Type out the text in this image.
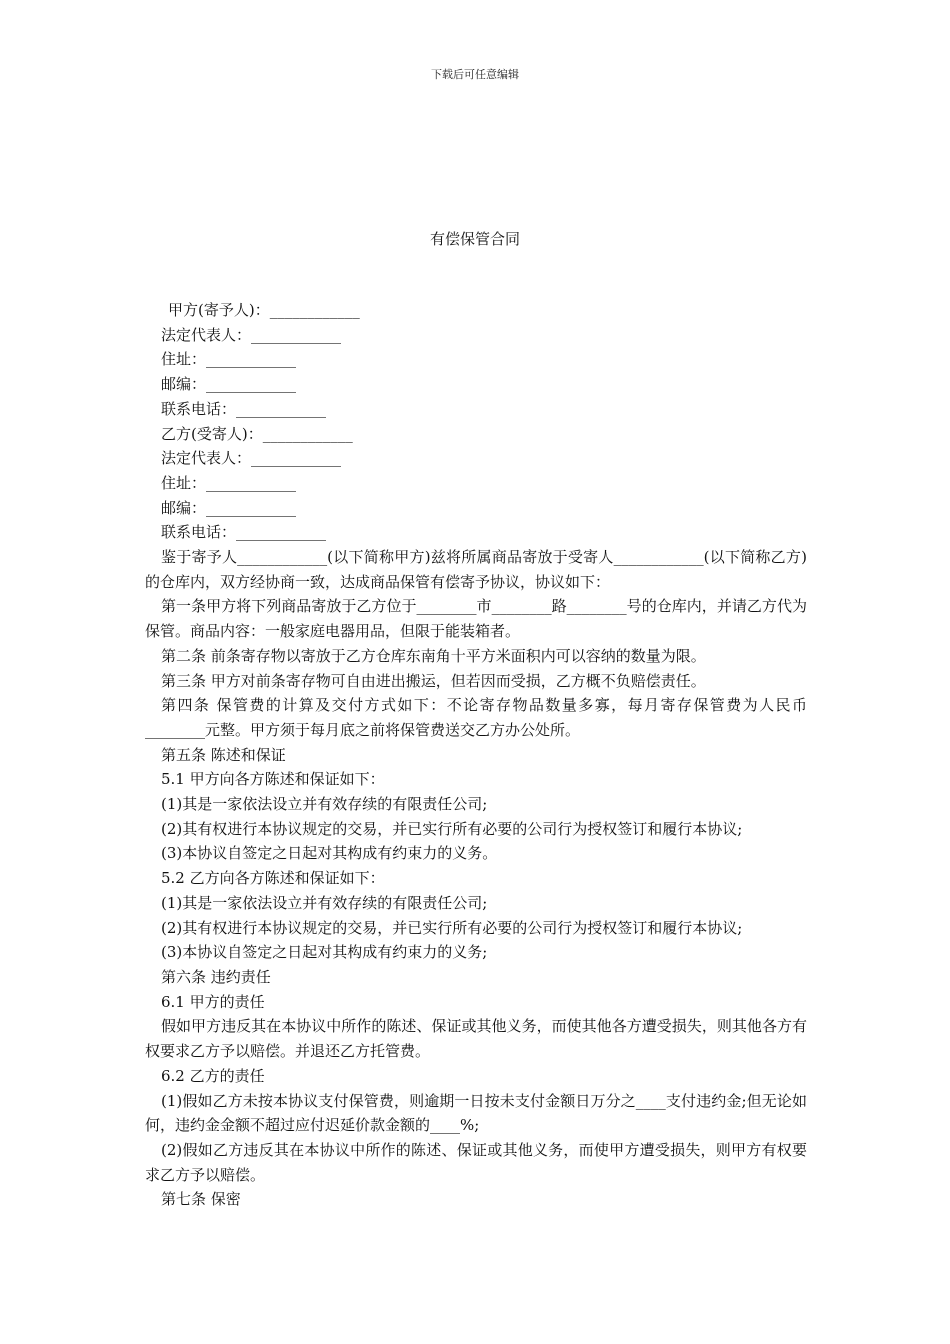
下载后可任意编辑
有偿保管合同

甲方(寄予人)：____________

法定代表人：____________

住址：____________

邮编：____________

联系电话：____________

乙方(受寄人)：____________

法定代表人：____________

住址：____________

邮编：____________

联系电话：____________

鉴于寄予人____________(以下简称甲方)兹将所属商品寄放于受寄人____________(以下简称乙方)的仓库内，双方经协商一致，达成商品保管有偿寄予协议，协议如下：

第一条甲方将下列商品寄放于乙方位于________市________路________号的仓库内，并请乙方代为保管。商品内容：一般家庭电器用品，但限于能装箱者。

第二条 前条寄存物以寄放于乙方仓库东南角十平方米面积内可以容纳的数量为限。

第三条 甲方对前条寄存物可自由进出搬运，但若因而受损，乙方概不负赔偿责任。

第四条 保管费的计算及交付方式如下：不论寄存物品数量多寡，每月寄存保管费为人民币________元整。甲方须于每月底之前将保管费送交乙方办公处所。

第五条 陈述和保证

5.1 甲方向各方陈述和保证如下：

(1)其是一家依法设立并有效存续的有限责任公司;

(2)其有权进行本协议规定的交易，并已实行所有必要的公司行为授权签订和履行本协议;

(3)本协议自签定之日起对其构成有约束力的义务。

5.2 乙方向各方陈述和保证如下：

(1)其是一家依法设立并有效存续的有限责任公司;

(2)其有权进行本协议规定的交易，并已实行所有必要的公司行为授权签订和履行本协议;

(3)本协议自签定之日起对其构成有约束力的义务;

第六条 违约责任

6.1 甲方的责任

假如甲方违反其在本协议中所作的陈述、保证或其他义务，而使其他各方遭受损失，则其他各方有权要求乙方予以赔偿。并退还乙方托管费。

6.2 乙方的责任

(1)假如乙方未按本协议支付保管费，则逾期一日按未支付金额日万分之____支付违约金;但无论如何，违约金金额不超过应付迟延价款金额的____%;

(2)假如乙方违反其在本协议中所作的陈述、保证或其他义务，而使甲方遭受损失，则甲方有权要求乙方予以赔偿。

第七条 保密
